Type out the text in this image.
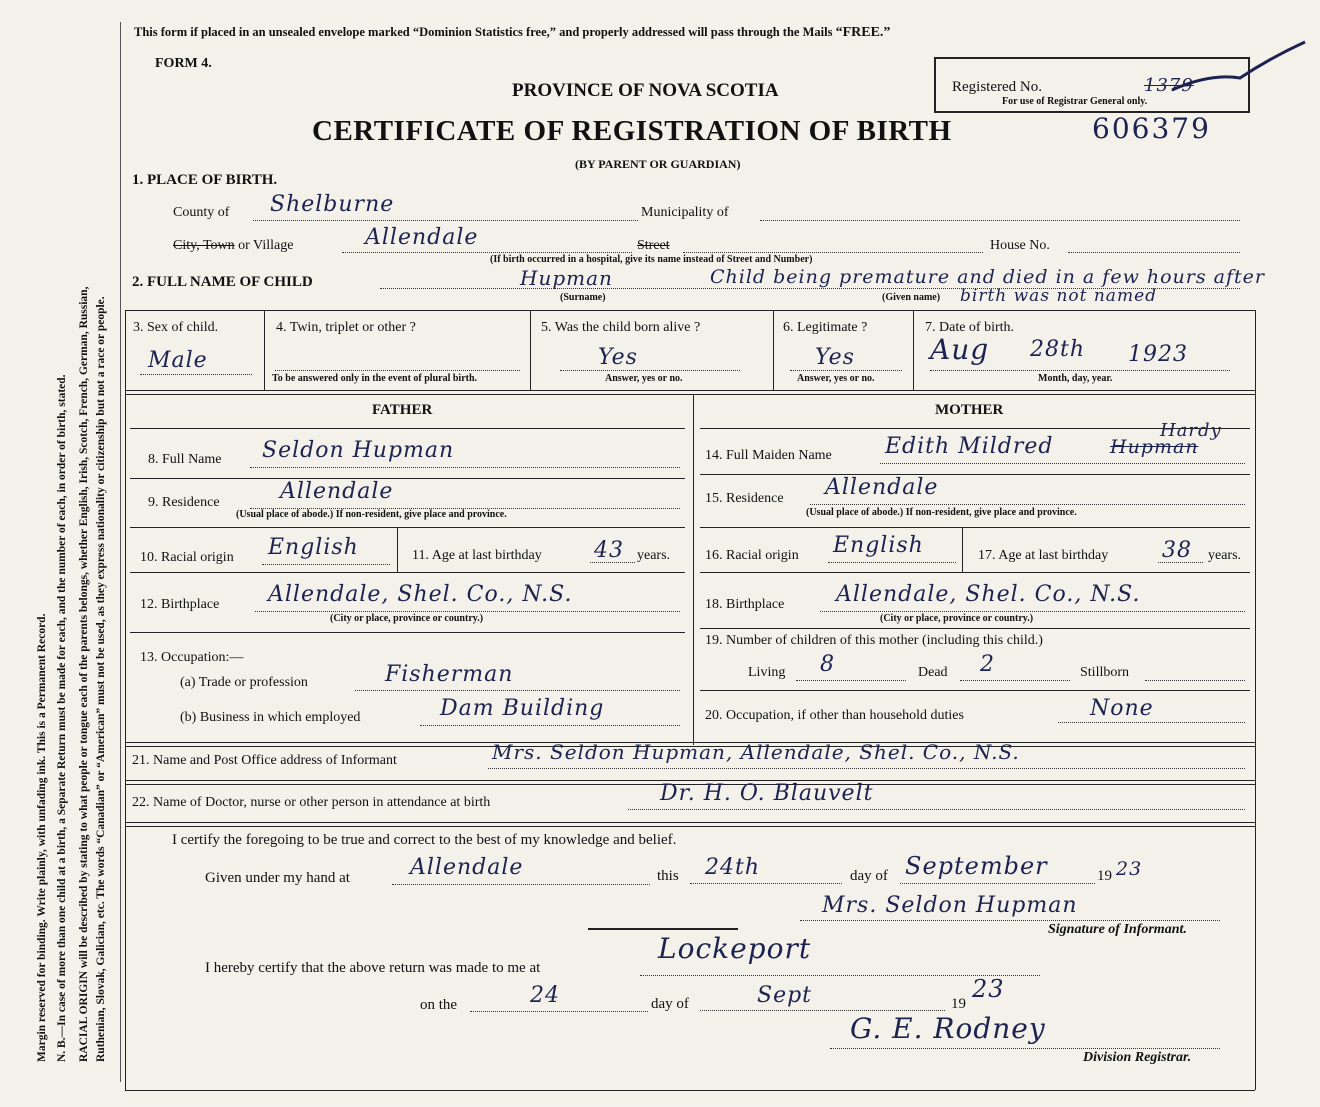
Margin reserved for binding. Write plainly, with unfading ink. This is a Permanent Record. N. B.—In case of more than one child at a birth, a Separate Return must be made for each, and the number of each, in order of birth, stated. RACIAL ORIGIN will be described by stating to what people or tongue each of the parents belongs, whether English, Irish, Scotch, French, German, Russian, Ruthenian, Slovak, Galician, etc. The words “Canadian” or “American” must not be used, as they express nationality or citizenship but not a race or people.
This form if placed in an unsealed envelope marked “Dominion Statistics free,” and properly addressed will pass through the Mails “FREE.”
FORM 4.
PROVINCE OF NOVA SCOTIA
CERTIFICATE OF REGISTRATION OF BIRTH
(BY PARENT OR GUARDIAN)
606379
Registered No.	1379
For use of Registrar General only.
1. PLACE OF BIRTH.
County of Shelburne	Municipality of
City, Town or Village	Allendale	Street	House No.
(If birth occurred in a hospital, give its name instead of Street and Number)
2. FULL NAME OF CHILD	Hupman	Child being premature and died in a few hours after
birth was not named
(Surname)	(Given name)
3. Sex of child.
Male
4. Twin, triplet or other ?
To be answered only in the event of plural birth.
5. Was the child born alive ?
Yes
Answer, yes or no.
6. Legitimate ?
Yes
Answer, yes or no.
7. Date of birth.
Aug 28th 1923
Month, day, year.
FATHER	MOTHER
8. Full Name Seldon Hupman
9. Residence	Allendale
(Usual place of abode.) If non-resident, give place and province.
10. Racial origin English	11. Age at last birthday 43 years.
12. Birthplace Allendale, Shel. Co., N.S.
(City or place, province or country.)
13. Occupation:—
(a) Trade or profession	Fisherman
(b) Business in which employed	Dam Building
14. Full Maiden Name Edith Mildred	Hupman
Hardy
15. Residence Allendale
(Usual place of abode.) If non-resident, give place and province.
16. Racial origin English	17. Age at last birthday 38 years.
18. Birthplace Allendale, Shel. Co., N.S.
(City or place, province or country.)
19. Number of children of this mother (including this child.)
Living 8	Dead 2	Stillborn
20. Occupation, if other than household duties	None
21. Name and Post Office address of Informant	Mrs. Seldon Hupman, Allendale, Shel. Co., N.S.
22. Name of Doctor, nurse or other person in attendance at birth	Dr. H. O. Blauvelt
I certify the foregoing to be true and correct to the best of my knowledge and belief.
Given under my hand at	Allendale	this 24th	day of September	19 23
Mrs. Seldon Hupman
Signature of Informant.
I hereby certify that the above return was made to me at
Lockeport
on the	24	day of	Sept	19
23
G. E. Rodney
Division Registrar.
